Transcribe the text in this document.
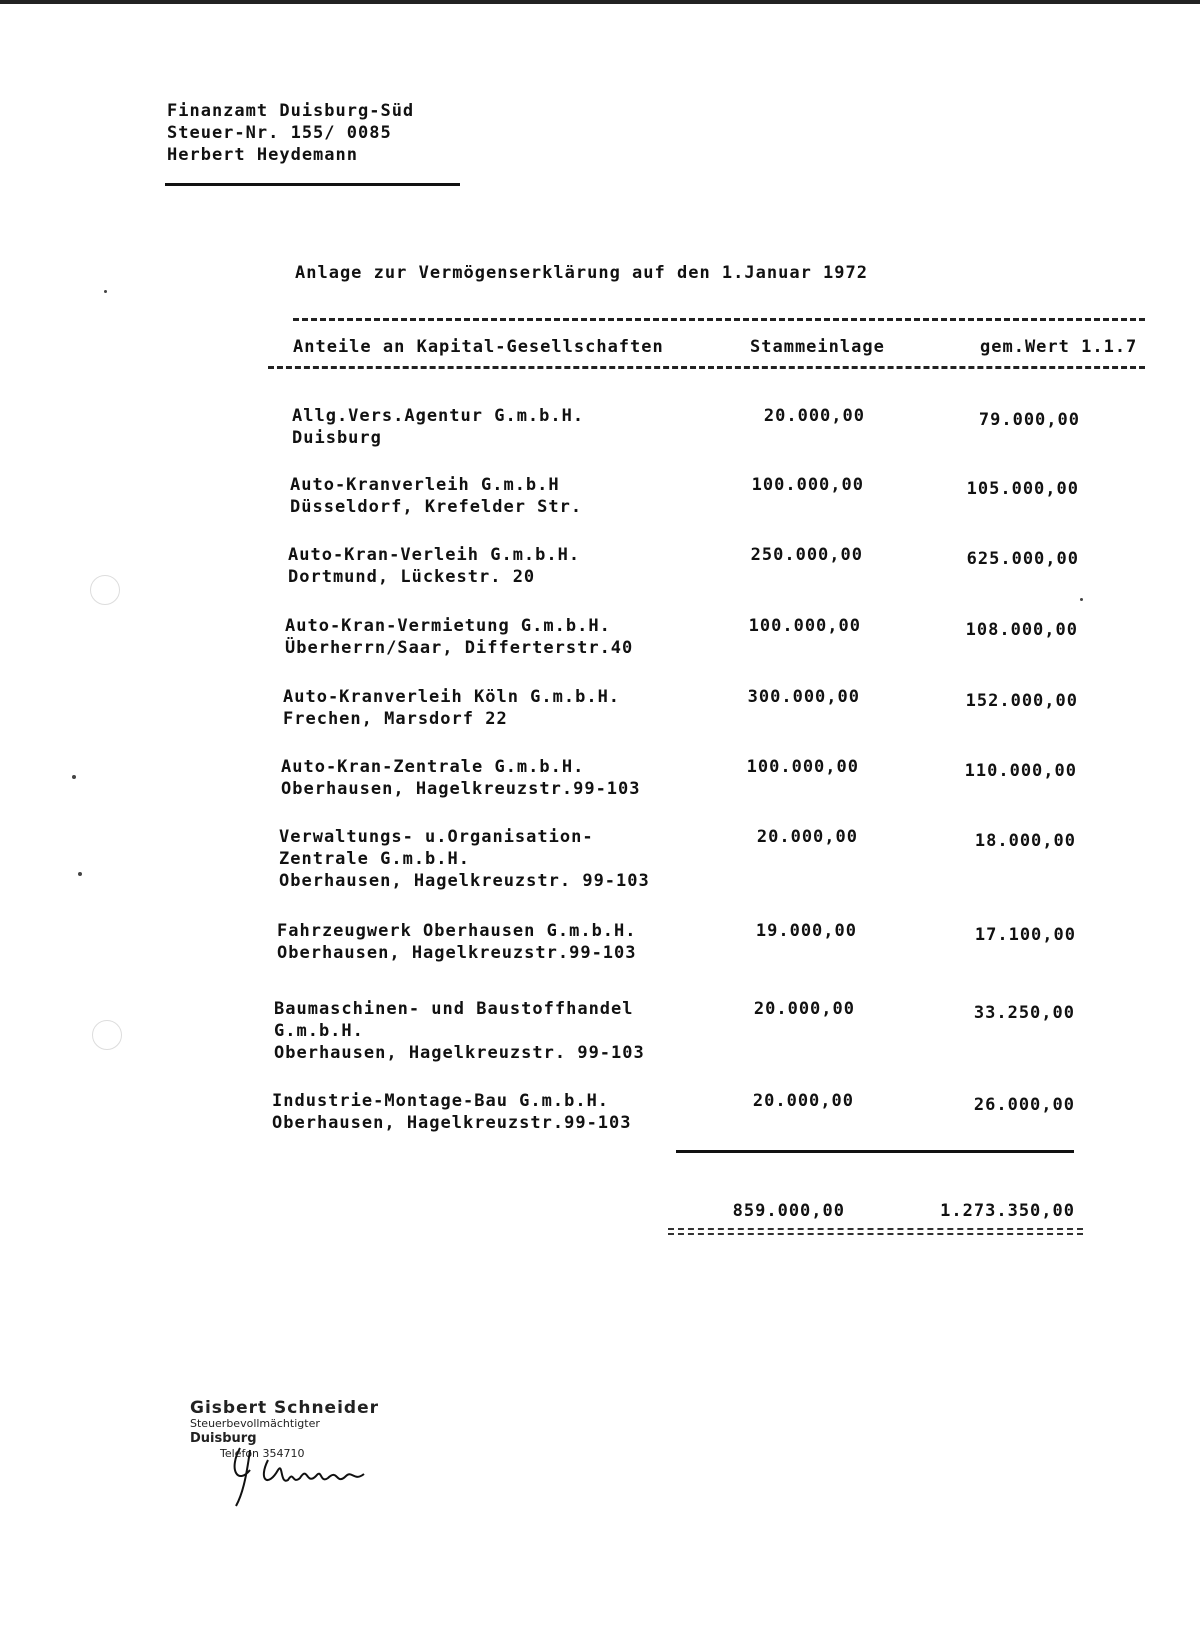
Finanzamt Duisburg-Süd
Steuer-Nr. 155/ 0085
Herbert Heydemann
Anlage zur Vermögenserklärung auf den 1.Januar 1972
Anteile an Kapital-Gesellschaften	Stammeinlage	gem.Wert 1.1.7
Allg.Vers.Agentur G.m.b.H.
Duisburg
20.000,00	79.000,00
Auto-Kranverleih G.m.b.H
Düsseldorf, Krefelder Str.
100.000,00	105.000,00
Auto-Kran-Verleih G.m.b.H.
Dortmund, Lückestr. 20
250.000,00	625.000,00
Auto-Kran-Vermietung G.m.b.H.
Überherrn/Saar, Differterstr.40
100.000,00	108.000,00
Auto-Kranverleih Köln G.m.b.H.
Frechen, Marsdorf 22
300.000,00	152.000,00
Auto-Kran-Zentrale G.m.b.H.
Oberhausen, Hagelkreuzstr.99-103
100.000,00	110.000,00
Verwaltungs- u.Organisation-
Zentrale G.m.b.H.
Oberhausen, Hagelkreuzstr. 99-103
20.000,00	18.000,00
Fahrzeugwerk Oberhausen G.m.b.H.
Oberhausen, Hagelkreuzstr.99-103
19.000,00	17.100,00
Baumaschinen- und Baustoffhandel
G.m.b.H.
Oberhausen, Hagelkreuzstr. 99-103
20.000,00	33.250,00
Industrie-Montage-Bau G.m.b.H.
Oberhausen, Hagelkreuzstr.99-103
20.000,00	26.000,00
859.000,00	1.273.350,00
Gisbert Schneider

Steuerbevollmächtigter
Duisburg
Telefon 354710
